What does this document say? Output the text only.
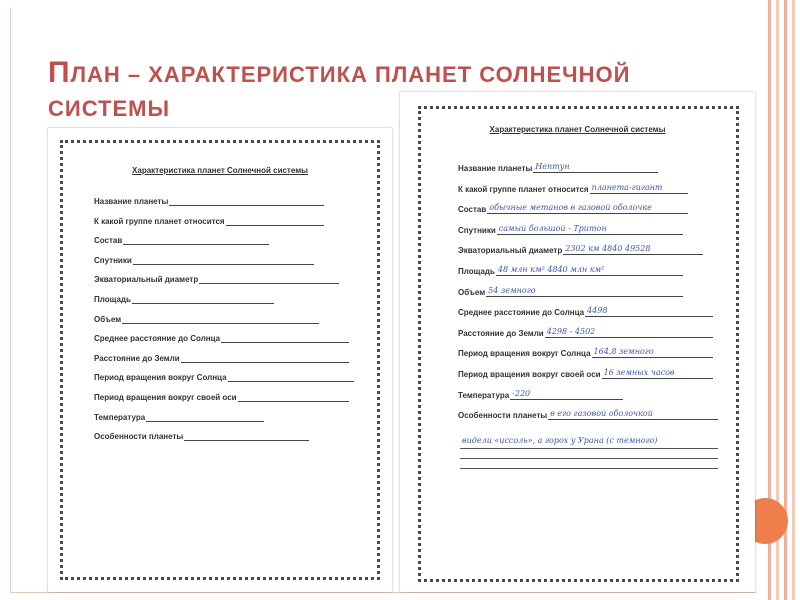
ПЛАН – ХАРАКТЕРИСТИКА ПЛАНЕТ СОЛНЕЧНОЙ СИСТЕМЫ
Характеристика планет Солнечной системы
Название планеты
К какой группе планет относится
Состав
Спутники
Экваториальный диаметр
Площадь
Объем
Среднее расстояние до Солнца
Расстояние до Земли
Период вращения вокруг Солнца
Период вращения вокруг своей оси
Температура
Особенности планеты
Характеристика планет Солнечной системы
Название планеты Нептун
К какой группе планет относится планета-гигант
Состав обычные метанов в газовой оболочке
Спутники самый большой - Тритон
Экваториальный диаметр 2302 км 4840 49528
Площадь 48 млн км² 4840 млн км²
Объем 54 земного
Среднее расстояние до Солнца 4498
Расстояние до Земли 4298 - 4502
Период вращения вокруг Солнца 164,8 земного
Период вращения вокруг своей оси 16 земных часов
Температура -220
Особенности планеты в его газовой оболочкой
видели «иссоль», а горох у Урана (с темного)
